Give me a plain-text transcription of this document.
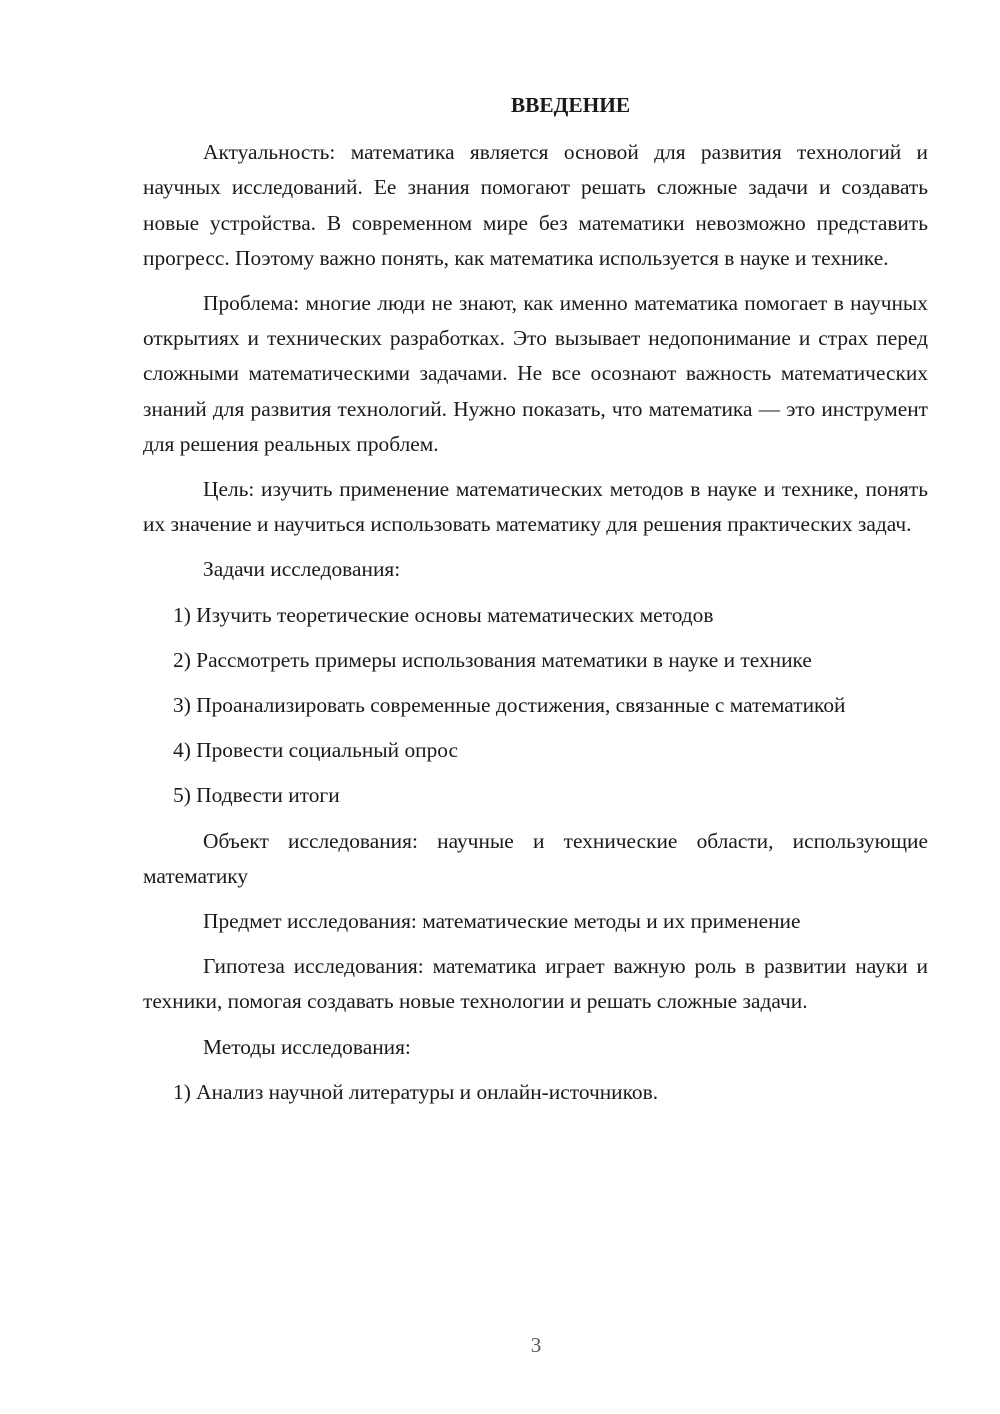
ВВЕДЕНИЕ

Актуальность: математика является основой для развития технологий и научных исследований. Ее знания помогают решать сложные задачи и создавать новые устройства. В современном мире без математики невозможно представить прогресс. Поэтому важно понять, как математика используется в науке и технике.

Проблема: многие люди не знают, как именно математика помогает в научных открытиях и технических разработках. Это вызывает недопонимание и страх перед сложными математическими задачами. Не все осознают важность математических знаний для развития технологий. Нужно показать, что математика — это инструмент для решения реальных проблем.

Цель: изучить применение математических методов в науке и технике, понять их значение и научиться использовать математику для решения практических задач.

Задачи исследования:

1) Изучить теоретические основы математических методов

2) Рассмотреть примеры использования математики в науке и технике

3) Проанализировать современные достижения, связанные с математикой

4) Провести социальный опрос

5) Подвести итоги

Объект исследования: научные и технические области, использующие математику

Предмет исследования: математические методы и их применение

Гипотеза исследования: математика играет важную роль в развитии науки и техники, помогая создавать новые технологии и решать сложные задачи.

Методы исследования:

1) Анализ научной литературы и онлайн-источников.

3
